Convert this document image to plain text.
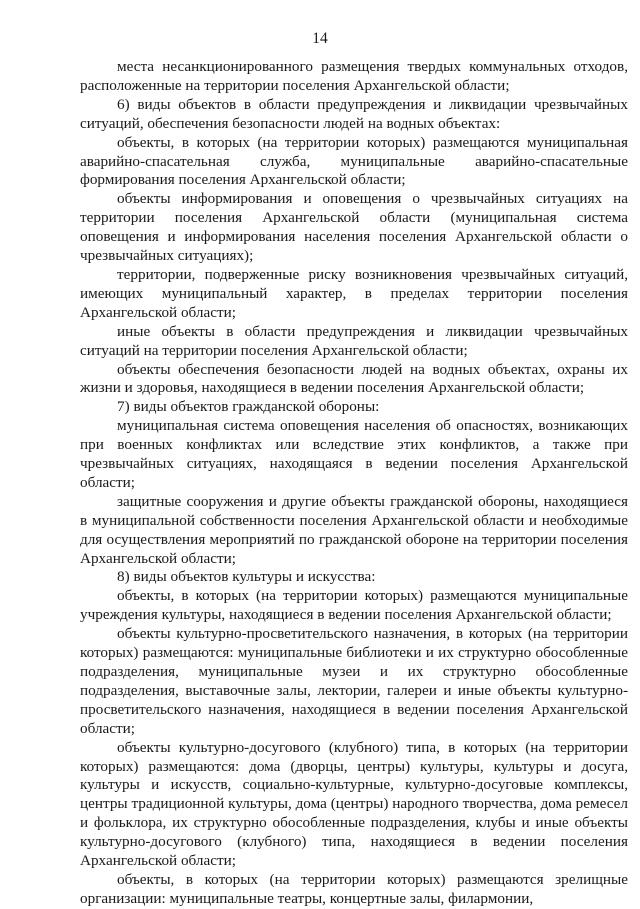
14

места несанкционированного размещения твердых коммунальных отходов, расположенные на территории поселения Архангельской области;

6) виды объектов в области предупреждения и ликвидации чрезвычайных ситуаций, обеспечения безопасности людей на водных объектах:

объекты, в которых (на территории которых) размещаются муниципальная аварийно-спасательная служба, муниципальные аварийно-спасательные формирования поселения Архангельской области;

объекты информирования и оповещения о чрезвычайных ситуациях на территории поселения Архангельской области (муниципальная система оповещения и информирования населения поселения Архангельской области о чрезвычайных ситуациях);

территории, подверженные риску возникновения чрезвычайных ситуаций, имеющих муниципальный характер, в пределах территории поселения Архангельской области;

иные объекты в области предупреждения и ликвидации чрезвычайных ситуаций на территории поселения Архангельской области;

объекты обеспечения безопасности людей на водных объектах, охраны их жизни и здоровья, находящиеся в ведении поселения Архангельской области;

7) виды объектов гражданской обороны:

муниципальная система оповещения населения об опасностях, возникающих при военных конфликтах или вследствие этих конфликтов, а также при чрезвычайных ситуациях, находящаяся в ведении поселения Архангельской области;

защитные сооружения и другие объекты гражданской обороны, находящиеся в муниципальной собственности поселения Архангельской области и необходимые для осуществления мероприятий по гражданской обороне на территории поселения Архангельской области;

8) виды объектов культуры и искусства:

объекты, в которых (на территории которых) размещаются муниципальные учреждения культуры, находящиеся в ведении поселения Архангельской области;

объекты культурно-просветительского назначения, в которых (на территории которых) размещаются: муниципальные библиотеки и их структурно обособленные подразделения, муниципальные музеи и их структурно обособленные подразделения, выставочные залы, лектории, галереи и иные объекты культурно-просветительского назначения, находящиеся в ведении поселения Архангельской области;

объекты культурно-досугового (клубного) типа, в которых (на территории которых) размещаются: дома (дворцы, центры) культуры, культуры и досуга, культуры и искусств, социально-культурные, культурно-досуговые комплексы, центры традиционной культуры, дома (центры) народного творчества, дома ремесел и фольклора, их структурно обособленные подразделения, клубы и иные объекты культурно-досугового (клубного) типа, находящиеся в ведении поселения Архангельской области;

объекты, в которых (на территории которых) размещаются зрелищные организации: муниципальные театры, концертные залы, филармонии,
